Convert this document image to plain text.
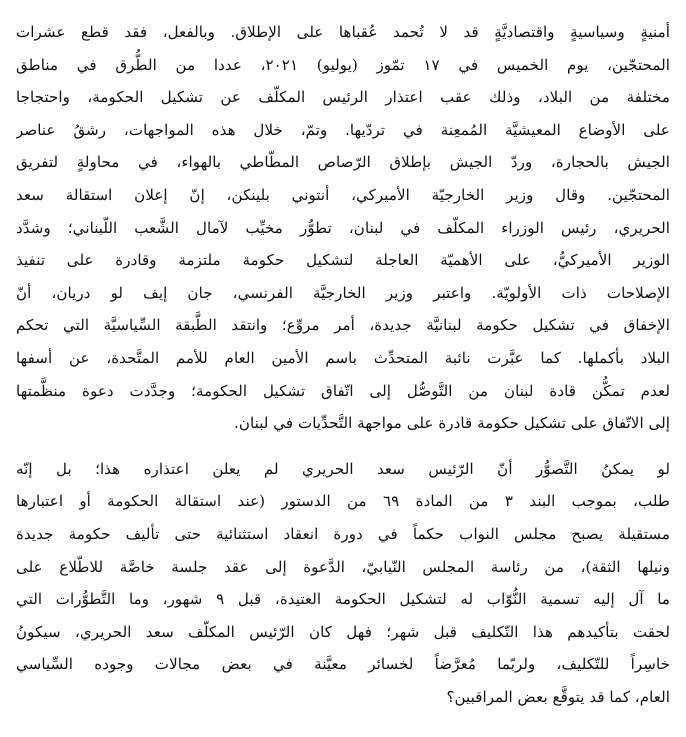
أمنيةٍ وسياسيةٍ واقتصاديَّةٍ قد لا تُحمد عُقباها على الإطلاق. وبالفعل، فقد قطع عشرات
المحتجّين، يوم الخميس في ١٧ تمّوز (يوليو) ٢٠٢١، عددا من الطُّرق في مناطق
مختلفة من البلاد، وذلك عقب اعتذار الرئيس المكلّف عن تشكيل الحكومة، واحتجاجا
على الأوضاع المعيشيَّة المُمعِنة في تردّيها. وتمّ، خلال هذه المواجهات، رشقُ عناصر
الجيش بالحجارة، وردّ الجيش بإطلاق الرّصاص المطّاطي بالهواء، في محاولةٍ لتفريق
المحتجّين. وقال وزير الخارجيّة الأميركي، أنتوني بلينكن، إنّ إعلان استقالة سعد
الحريري، رئيس الوزراء المكلّف في لبنان، تطوُّر مخيِّب لآمال الشَّعب اللّبناني؛ وشدَّد
الوزير الأميركيُّ، على الأهميّة العاجلة لتشكيل حكومة ملتزمة وقادرة على تنفيذ
الإصلاحات ذات الأولويّة. واعتبر وزير الخارجيَّة الفرنسي، جان إيف لو دريان، أنّ
الإخفاق في تشكيل حكومة لبنانيَّة جديدة، أمر مروِّع؛ وانتقد الطَّبقة السِّياسيَّة التي تحكم
البلاد بأكملها. كما عبَّرت نائبة المتحدِّث باسم الأمين العام للأمم المتَّحدة، عن أسفها
لعدم تمكُّن قادة لبنان من التَّوصُّل إلى اتّفاق تشكيل الحكومة؛ وجدَّدت دعوة منظَّمتها
إلى الاتّفاق على تشكيل حكومة قادرة على مواجهة التَّحدِّيات في لبنان.
لو يمكنُ التَّصوُّر أنّ الرّئيس سعد الحريري لم يعلن اعتذاره هذا؛ بل إنّه
طلب، بموجب البند ٣ من المادة ٦٩ من الدستور (عند استقالة الحكومة أو اعتبارها
مستقيلة يصبح مجلس النواب حكماً في دورة انعقاد استثنائية حتى تأليف حكومة جديدة
ونيلها الثقة)، من رئاسة المجلس النّيابيّ، الدَّعوة إلى عقد جلسة خاصَّة للاطّلاع على
ما آل إليه تسمية النُّوّاب له لتشكيل الحكومة العتيدة، قبل ٩ شهور، وما التَّطوُّرات التي
لحقت بتأكيدهم هذا التّكليف قبل شهر؛ فهل كان الرّئيس المكلّف سعد الحريري، سيكونُ
خاسِراً للتّكليف، ولربّما مُعرَّضاً لخسائر معيَّنة في بعض مجالات وجوده السِّياسي
العام، كما قد يتوقَّع بعض المراقبين؟
